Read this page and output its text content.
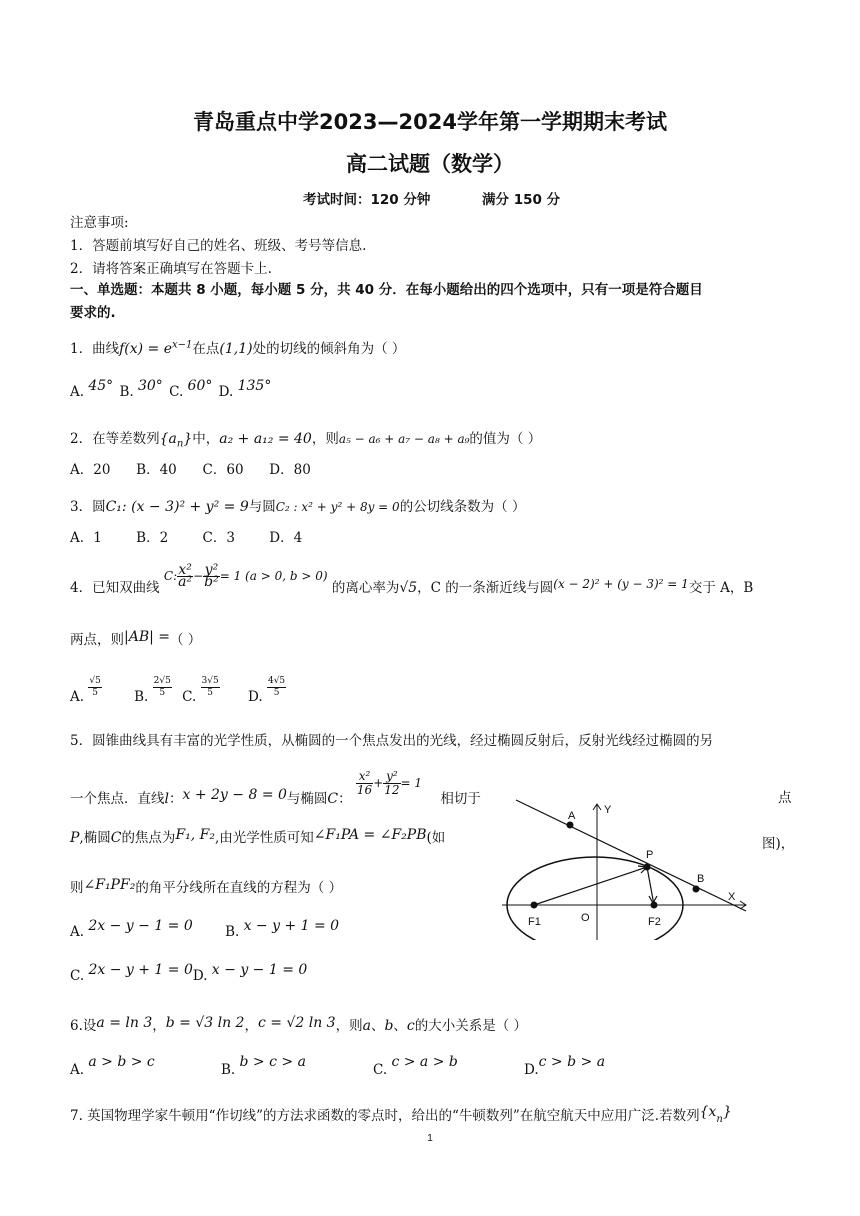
青岛重点中学2023—2024学年第一学期期末考试
高二试题（数学）
考试时间：120 分钟	满分 150 分
注意事项:
1．答题前填写好自己的姓名、班级、考号等信息.
2．请将答案正确填写在答题卡上.
一、单选题：本题共 8 小题，每小题 5 分，共 40 分．在每小题给出的四个选项中，只有一项是符合题目
要求的.
1．曲线$f(x) = e^{x-1}$在点(1,1)处的切线的倾斜角为（ ）
A. 45° B. 30° C. 60° D. 135°
2．在等差数列$\{a_n\}$中，a₂ + a₁₂ = 40，则a₅ − a₆ + a₇ − a₈ + a₉的值为（ ）
A．20      B．40      C．60      D．80
3．圆C₁: (x − 3)² + y² = 9与圆C₂ : x² + y² + 8y = 0的公切线条数为（ ）
A．1        B．2        C．3        D．4
4．已知双曲线 C: $\frac{\text{x²}}{\text{a²}} - \frac{\text{y²}}{\text{b²}} = 1$ (a > 0, b > 0) 的离心率为√5，C 的一条渐近线与圆(x − 2)² + (y − 3)² = 1交于 A，B
两点，则|AB| =（ ）
A. $\frac{√5}{5} B$. $\frac{2√5}{5} C$. $\frac{3√5}{5} D$. $\frac{4√5}{5}$
5．圆锥曲线具有丰富的光学性质，从椭圆的一个焦点发出的光线，经过椭圆反射后，反射光线经过椭圆的另
一个焦点．直线l：x + 2y − 8 = 0与椭圆C：
$\frac{\text{x²}}{16} + \frac{\text{y²}}{12} = 1$ 相切于	点
P,椭圆C的焦点为F₁, F₂,由光学性质可知∠F₁PA = ∠F₂PB(如	图)，
则∠F₁PF₂的角平分线所在直线的方程为（ ）
A. 2x − y − 1 = 0 B. x − y + 1 = 0
C. 2x − y + 1 = 0D. x − y − 1 = 0
A	Y
P
B
X
F1	O	F2
6.设a = ln 3，b = √3 ln 2，c = √2 ln 3，则a、b、c的大小关系是（ ）
A. a > b > c	B. b > c > a	C. c > a > b	D.c > b > a
7. 英国物理学家牛顿用“作切线”的方法求函数的零点时，给出的“牛顿数列”在航空航天中应用广泛.若数列$\{x_n\}$
1
